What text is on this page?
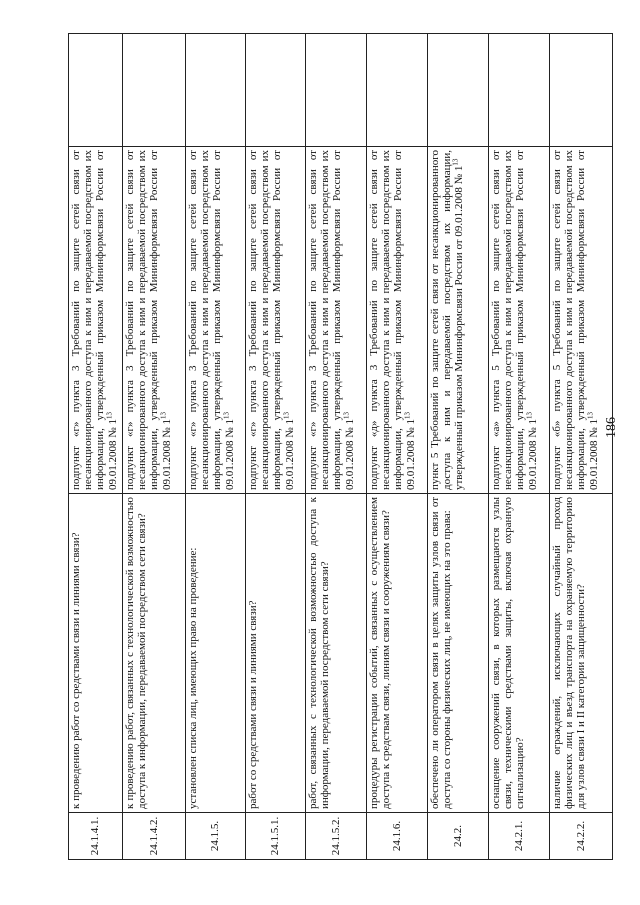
186
24.1.4.1.	к проведению работ со средствами связи и линиями связи?	подпункт «г» пункта 3 Требований по защите сетей связи от несанкционированного доступа к ним и передаваемой посредством их информации, утвержденный приказом Мининформсвязи России от 09.01.2008 № $1^{13}$	
24.1.4.2.	к проведению работ, связанных с технологической возможностью доступа к информации, передаваемой посредством сети связи?	подпункт «г» пункта 3 Требований по защите сетей связи от несанкционированного доступа к ним и передаваемой посредством их информации, утвержденный приказом Мининформсвязи России от 09.01.2008 № $1^{13}$	
24.1.5.	установлен списка лиц, имеющих право на проведение:	подпункт «г» пункта 3 Требований по защите сетей связи от несанкционированного доступа к ним и передаваемой посредством их информации, утвержденный приказом Мининформсвязи России от 09.01.2008 № $1^{13}$	
24.1.5.1.	работ со средствами связи и линиями связи?	подпункт «г» пункта 3 Требований по защите сетей связи от несанкционированного доступа к ним и передаваемой посредством их информации, утвержденный приказом Мининформсвязи России от 09.01.2008 № $1^{13}$	
24.1.5.2.	работ, связанных с технологической возможностью доступа к информации, передаваемой посредством сети связи?	подпункт «г» пункта 3 Требований по защите сетей связи от несанкционированного доступа к ним и передаваемой посредством их информации, утвержденный приказом Мининформсвязи России от 09.01.2008 № $1^{13}$	
24.1.6.	процедуры регистрации событий, связанных с осуществлением доступа к средствам связи, линиям связи и сооружениям связи?	подпункт «д» пункта 3 Требований по защите сетей связи от несанкционированного доступа к ним и передаваемой посредством их информации, утвержденный приказом Мининформсвязи России от 09.01.2008 № $1^{13}$	
24.2.	обеспечено ли оператором связи в целях защиты узлов связи от доступа со стороны физических лиц, не имеющих на это права:	пункт 5 Требований по защите сетей связи от несанкционированного доступа к ним и передаваемой посредством их информации, утвержденный приказом Мининформсвязи России от 09.01.2008 № $1^{13}$	
24.2.1.	оснащение сооружений связи, в которых размещаются узлы связи, техническими средствами защиты, включая охранную сигнализацию?	подпункт «а» пункта 5 Требований по защите сетей связи от несанкционированного доступа к ним и передаваемой посредством их информации, утвержденный приказом Мининформсвязи России от 09.01.2008 № $1^{13}$	
24.2.2.	наличие ограждений, исключающих случайный проход физических лиц и въезд транспорта на охраняемую территорию для узлов связи I и II категории защищенности?	подпункт «б» пункта 5 Требований по защите сетей связи от несанкционированного доступа к ним и передаваемой посредством их информации, утвержденный приказом Мининформсвязи России от 09.01.2008 № $1^{13}$	
